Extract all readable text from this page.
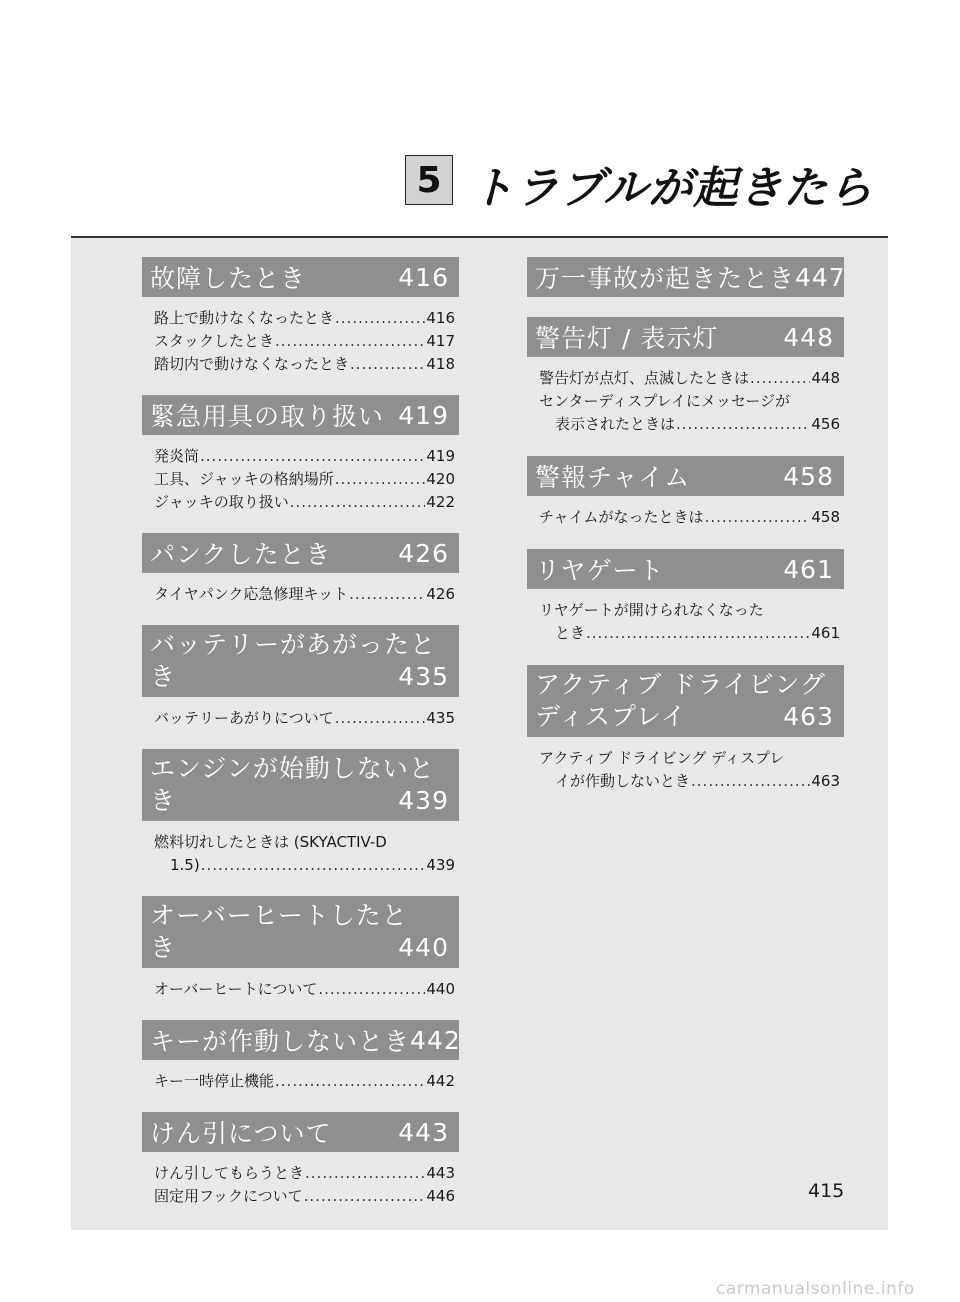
5 トラブルが起きたら
故障したとき	416
路上で動けなくなったとき .....	416
スタックしたとき .....	417
踏切内で動けなくなったとき .....	418
緊急用具の取り扱い 419
発炎筒 .....	419
工具、ジャッキの格納場所 .....	420
ジャッキの取り扱い .....	422
パンクしたとき	426
タイヤパンク応急修理キット .....	426
バッテリーがあがったと
き	435
バッテリーあがりについて .....	435
エンジンが始動しないと
き	439
燃料切れしたときは (SKYACTIV-D
1.5) .....	439
オーバーヒートしたと
き	440
オーバーヒートについて .....	440
キーが作動しないとき 442
キー一時停止機能 .....	442
けん引について	443
けん引してもらうとき .....	443
固定用フックについて .....	446
万一事故が起きたとき 447
警告灯 / 表示灯	448
警告灯が点灯、点滅したときは .....	448
センターディスプレイにメッセージが
表示されたときは .....	456
警報チャイム	458
チャイムがなったときは .....	458
リヤゲート	461
リヤゲートが開けられなくなった
とき .....	461
アクティブ ドライビング
ディスプレイ	463
アクティブ ドライビング ディスプレ
イが作動しないとき .....	463
415
carmanualsonline.info
